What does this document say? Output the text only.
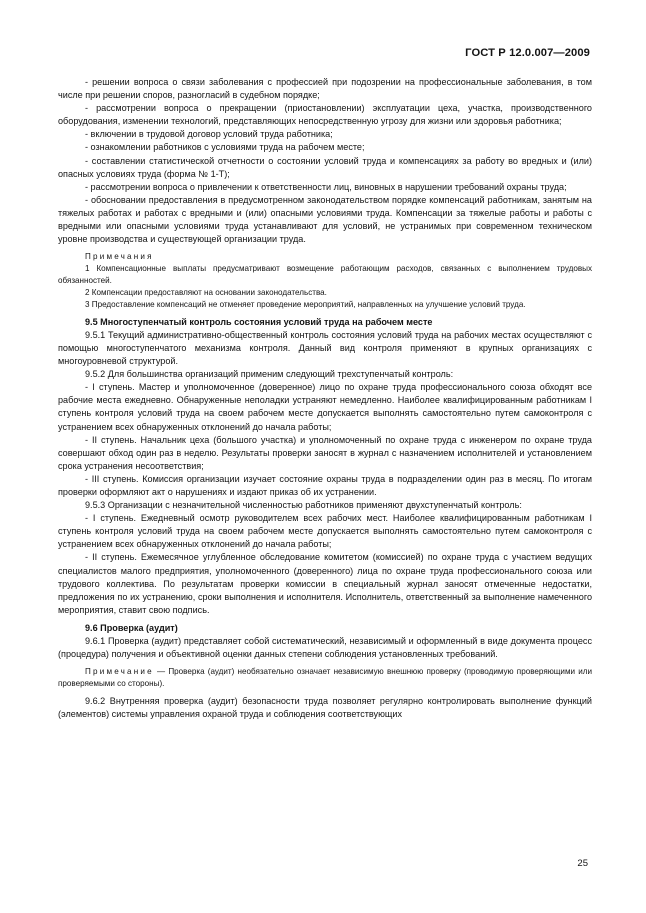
ГОСТ Р 12.0.007—2009

- решении вопроса о связи заболевания с профессией при подозрении на профессиональные заболевания, в том числе при решении споров, разногласий в судебном порядке;

- рассмотрении вопроса о прекращении (приостановлении) эксплуатации цеха, участка, производственного оборудования, изменении технологий, представляющих непосредственную угрозу для жизни или здоровья работника;

- включении в трудовой договор условий труда работника;

- ознакомлении работников с условиями труда на рабочем месте;

- составлении статистической отчетности о состоянии условий труда и компенсациях за работу во вредных и (или) опасных условиях труда (форма № 1-Т);

- рассмотрении вопроса о привлечении к ответственности лиц, виновных в нарушении требований охраны труда;

- обосновании предоставления в предусмотренном законодательством порядке компенсаций работникам, занятым на тяжелых работах и работах с вредными и (или) опасными условиями труда. Компенсации за тяжелые работы и работы с вредными или опасными условиями труда устанавливают для условий, не устранимых при современном техническом уровне производства и существующей организации труда.

Примечания

1 Компенсационные выплаты предусматривают возмещение работающим расходов, связанных с выполнением трудовых обязанностей.

2 Компенсации предоставляют на основании законодательства.

3 Предоставление компенсаций не отменяет проведение мероприятий, направленных на улучшение условий труда.

9.5 Многоступенчатый контроль состояния условий труда на рабочем месте

9.5.1 Текущий административно-общественный контроль состояния условий труда на рабочих местах осуществляют с помощью многоступенчатого механизма контроля. Данный вид контроля применяют в крупных организациях с многоуровневой структурой.

9.5.2 Для большинства организаций применим следующий трехступенчатый контроль:

- I ступень. Мастер и уполномоченное (доверенное) лицо по охране труда профессионального союза обходят все рабочие места ежедневно. Обнаруженные неполадки устраняют немедленно. Наиболее квалифицированным работникам I ступень контроля условий труда на своем рабочем месте допускается выполнять самостоятельно путем самоконтроля с устранением всех обнаруженных отклонений до начала работы;

- II ступень. Начальник цеха (большого участка) и уполномоченный по охране труда с инженером по охране труда совершают обход один раз в неделю. Результаты проверки заносят в журнал с назначением исполнителей и установлением срока устранения несоответствия;

- III ступень. Комиссия организации изучает состояние охраны труда в подразделении один раз в месяц. По итогам проверки оформляют акт о нарушениях и издают приказ об их устранении.

9.5.3 Организации с незначительной численностью работников применяют двухступенчатый контроль:

- I ступень. Ежедневный осмотр руководителем всех рабочих мест. Наиболее квалифицированным работникам I ступень контроля условий труда на своем рабочем месте допускается выполнять самостоятельно путем самоконтроля с устранением всех обнаруженных отклонений до начала работы;

- II ступень. Ежемесячное углубленное обследование комитетом (комиссией) по охране труда с участием ведущих специалистов малого предприятия, уполномоченного (доверенного) лица по охране труда профессионального союза или трудового коллектива. По результатам проверки комиссии в специальный журнал заносят отмеченные недостатки, предложения по их устранению, сроки выполнения и исполнителя. Исполнитель, ответственный за выполнение намеченного мероприятия, ставит свою подпись.

9.6 Проверка (аудит)

9.6.1 Проверка (аудит) представляет собой систематический, независимый и оформленный в виде документа процесс (процедура) получения и объективной оценки данных степени соблюдения установленных требований.

Примечание — Проверка (аудит) необязательно означает независимую внешнюю проверку (проводимую проверяющими или проверяемыми со стороны).

9.6.2 Внутренняя проверка (аудит) безопасности труда позволяет регулярно контролировать выполнение функций (элементов) системы управления охраной труда и соблюдения соответствующих

25
